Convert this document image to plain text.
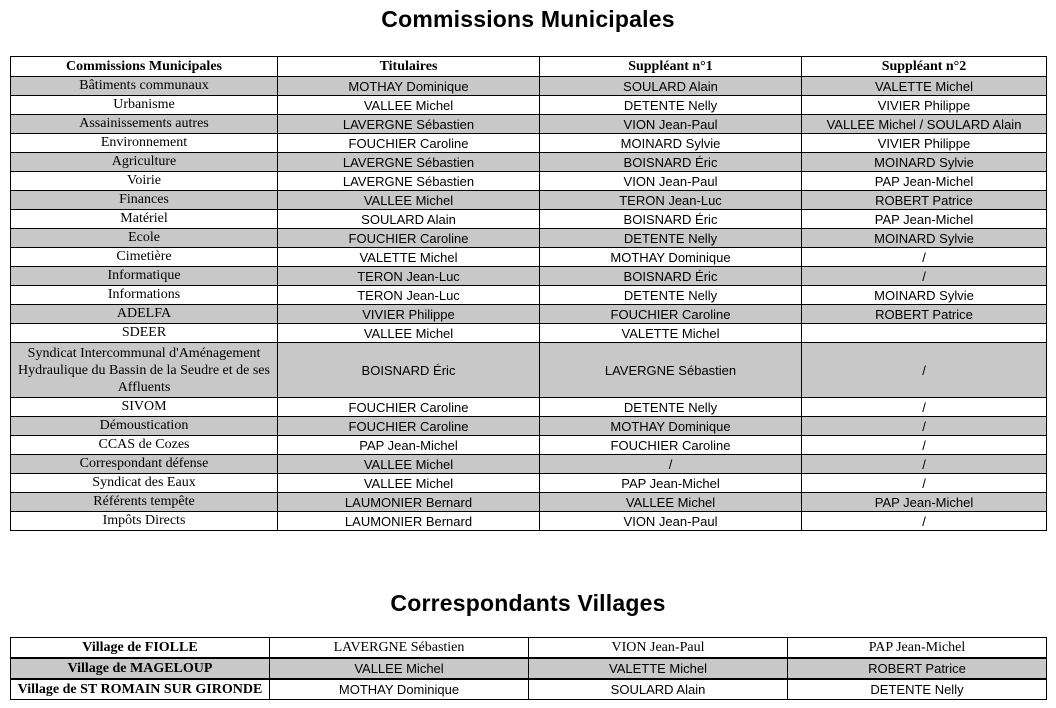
Commissions Municipales
Commissions Municipales	Titulaires	Suppléant n°1	Suppléant n°2
Bâtiments communaux	MOTHAY Dominique	SOULARD Alain	VALETTE Michel
Urbanisme	VALLEE Michel	DETENTE Nelly	VIVIER Philippe
Assainissements autres	LAVERGNE Sébastien	VION Jean-Paul	VALLEE Michel / SOULARD Alain
Environnement	FOUCHIER Caroline	MOINARD Sylvie	VIVIER Philippe
Agriculture	LAVERGNE Sébastien	BOISNARD Éric	MOINARD Sylvie
Voirie	LAVERGNE Sébastien	VION Jean-Paul	PAP Jean-Michel
Finances	VALLEE Michel	TERON Jean-Luc	ROBERT Patrice
Matériel	SOULARD Alain	BOISNARD Éric	PAP Jean-Michel
Ecole	FOUCHIER Caroline	DETENTE Nelly	MOINARD Sylvie
Cimetière	VALETTE Michel	MOTHAY Dominique	/
Informatique	TERON Jean-Luc	BOISNARD Éric	/
Informations	TERON Jean-Luc	DETENTE Nelly	MOINARD Sylvie
ADELFA	VIVIER Philippe	FOUCHIER Caroline	ROBERT Patrice
SDEER	VALLEE Michel	VALETTE Michel	
Syndicat Intercommunal d'Aménagement Hydraulique du Bassin de la Seudre et de ses Affluents	BOISNARD Éric	LAVERGNE Sébastien	/
SIVOM	FOUCHIER Caroline	DETENTE Nelly	/
Démoustication	FOUCHIER Caroline	MOTHAY Dominique	/
CCAS de Cozes	PAP Jean-Michel	FOUCHIER Caroline	/
Correspondant défense	VALLEE Michel	/	/
Syndicat des Eaux	VALLEE Michel	PAP Jean-Michel	/
Référents tempête	LAUMONIER Bernard	VALLEE Michel	PAP Jean-Michel
Impôts Directs	LAUMONIER Bernard	VION Jean-Paul	/
Correspondants Villages
Village de FIOLLE	LAVERGNE Sébastien	VION Jean-Paul	PAP Jean-Michel
Village de MAGELOUP	VALLEE Michel	VALETTE Michel	ROBERT Patrice
Village de ST ROMAIN SUR GIRONDE	MOTHAY Dominique	SOULARD Alain	DETENTE Nelly
